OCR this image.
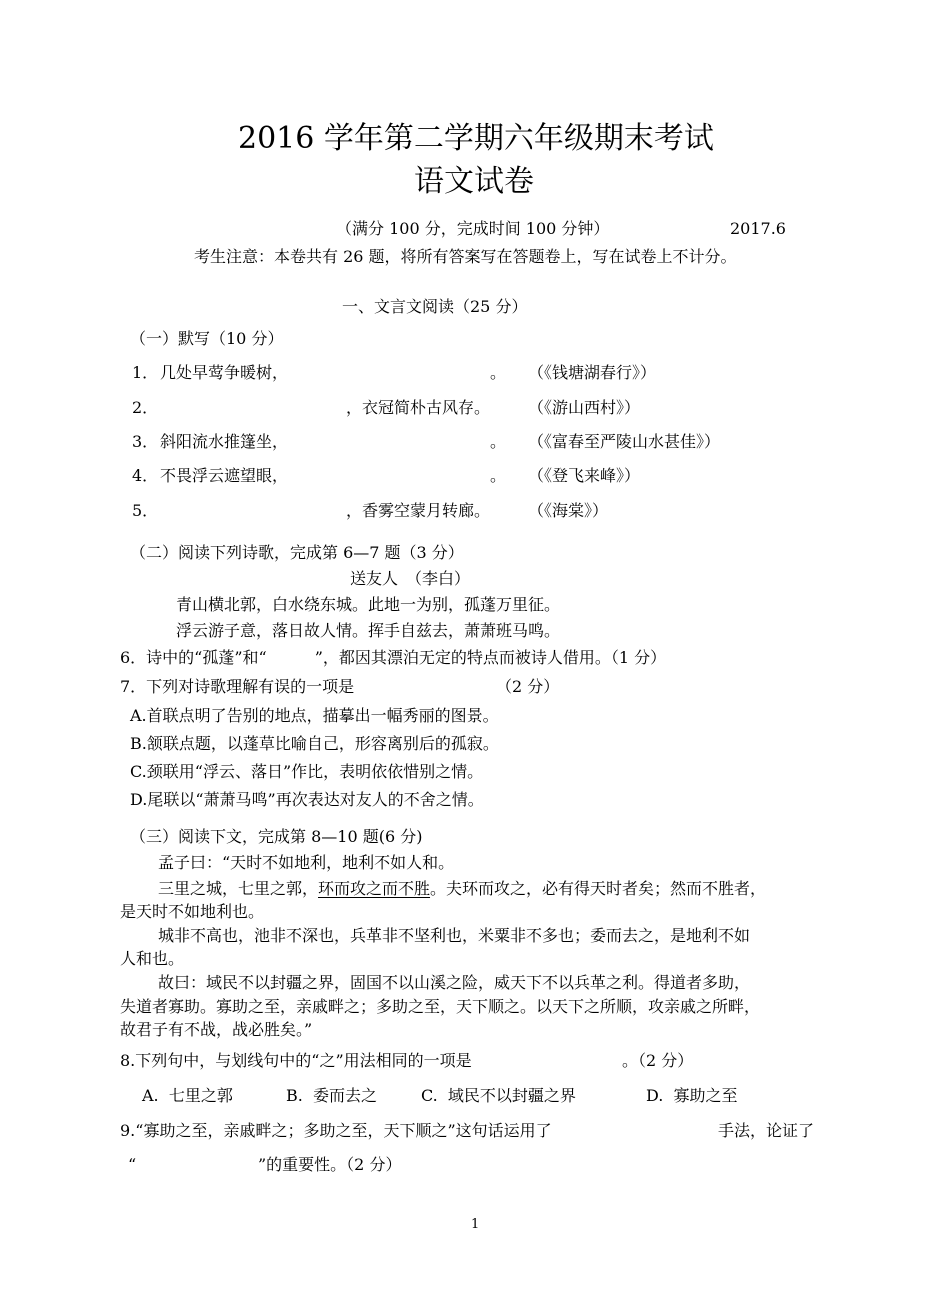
2016 学年第二学期六年级期末考试
语文试卷
（满分 100 分，完成时间 100 分钟）	2017.6
考生注意：本卷共有 26 题，将所有答案写在答题卷上，写在试卷上不计分。
一、文言文阅读（25 分）
（一）默写（10 分）
1． 几处早莺争暖树，	。 （《钱塘湖春行》）
2．	，衣冠简朴古风存。 （《游山西村》）
3． 斜阳流水推篷坐，	。 （《富春至严陵山水甚佳》）
4． 不畏浮云遮望眼，	。 （《登飞来峰》）
5．	，香雾空蒙月转廊。 （《海棠》）
（二）阅读下列诗歌，完成第 6—7 题（3 分）
送友人　（李白）
青山横北郭，白水绕东城。此地一为别，孤蓬万里征。
浮云游子意，落日故人情。挥手自兹去，萧萧班马鸣。
6．诗中的“孤蓬”和“　　　”，都因其漂泊无定的特点而被诗人借用。（1 分）
7．下列对诗歌理解有误的一项是	（2 分）
A.首联点明了告别的地点，描摹出一幅秀丽的图景。
B.颔联点题，以蓬草比喻自己，形容离别后的孤寂。
C.颈联用“浮云、落日”作比，表明依依惜别之情。
D.尾联以“萧萧马鸣”再次表达对友人的不舍之情。
（三）阅读下文，完成第 8—10 题(6 分)
孟子曰：“天时不如地利，地利不如人和。
三里之城，七里之郭，环而攻之而不胜。夫环而攻之，必有得天时者矣；然而不胜者，
是天时不如地利也。
城非不高也，池非不深也，兵革非不坚利也，米粟非不多也；委而去之，是地利不如
人和也。
故曰：域民不以封疆之界，固国不以山溪之险，威天下不以兵革之利。得道者多助，
失道者寡助。寡助之至，亲戚畔之；多助之至，天下顺之。以天下之所顺，攻亲戚之所畔，
故君子有不战，战必胜矣。”
8.下列句中，与划线句中的“之”用法相同的一项是	。（2 分）
A.  七里之郭	B.  委而去之	C.  域民不以封疆之界	D.  寡助之至
9.“寡助之至，亲戚畔之；多助之至，天下顺之”这句话运用了	手法，论证了
“	”的重要性。（2 分）
1
